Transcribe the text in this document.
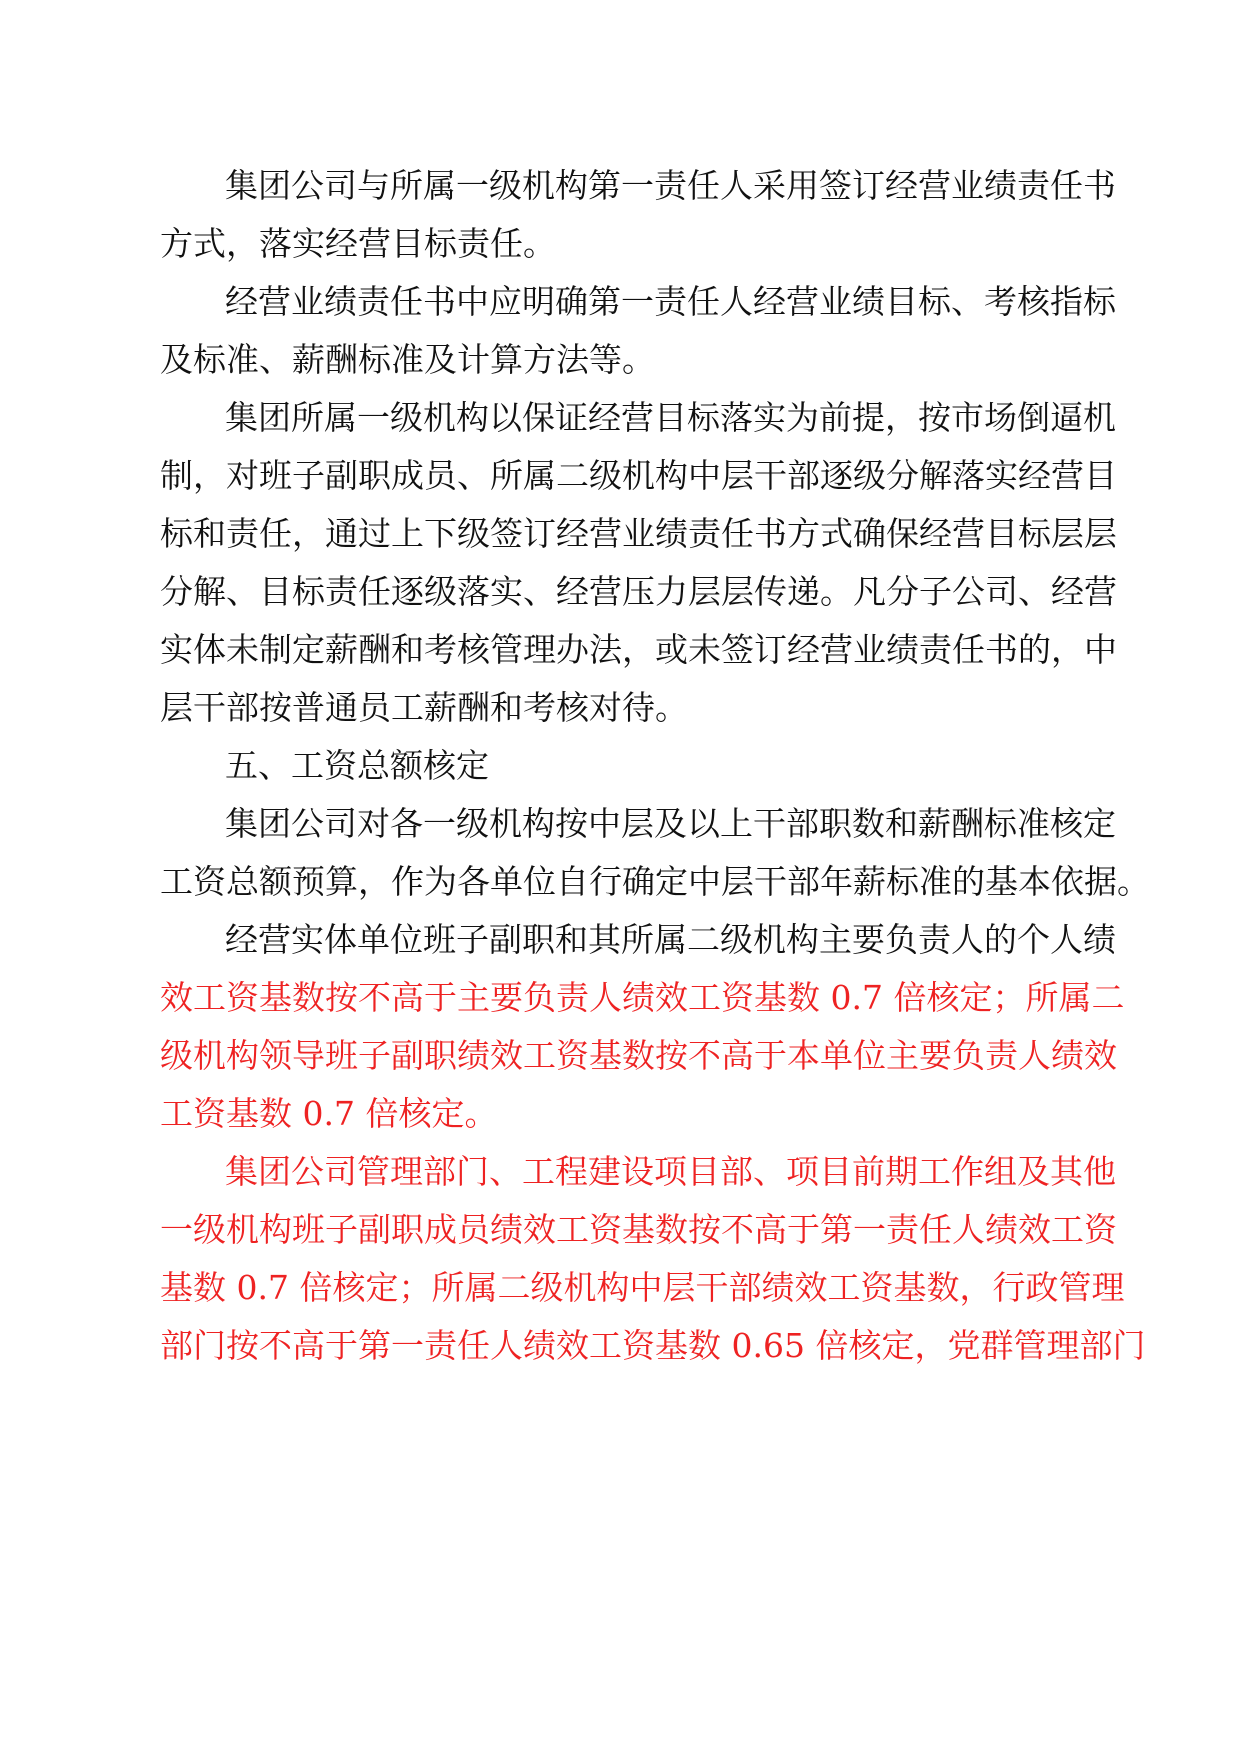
集团公司与所属一级机构第一责任人采用签订经营业绩责任书
方式，落实经营目标责任。
经营业绩责任书中应明确第一责任人经营业绩目标、考核指标
及标准、薪酬标准及计算方法等。
集团所属一级机构以保证经营目标落实为前提，按市场倒逼机
制，对班子副职成员、所属二级机构中层干部逐级分解落实经营目
标和责任，通过上下级签订经营业绩责任书方式确保经营目标层层
分解、目标责任逐级落实、经营压力层层传递。凡分子公司、经营
实体未制定薪酬和考核管理办法，或未签订经营业绩责任书的，中
层干部按普通员工薪酬和考核对待。
五、工资总额核定
集团公司对各一级机构按中层及以上干部职数和薪酬标准核定
工资总额预算，作为各单位自行确定中层干部年薪标准的基本依据。
经营实体单位班子副职和其所属二级机构主要负责人的个人绩
效工资基数按不高于主要负责人绩效工资基数 0.7 倍核定；所属二
级机构领导班子副职绩效工资基数按不高于本单位主要负责人绩效
工资基数 0.7 倍核定。
集团公司管理部门、工程建设项目部、项目前期工作组及其他
一级机构班子副职成员绩效工资基数按不高于第一责任人绩效工资
基数 0.7 倍核定；所属二级机构中层干部绩效工资基数，行政管理
部门按不高于第一责任人绩效工资基数 0.65 倍核定，党群管理部门
